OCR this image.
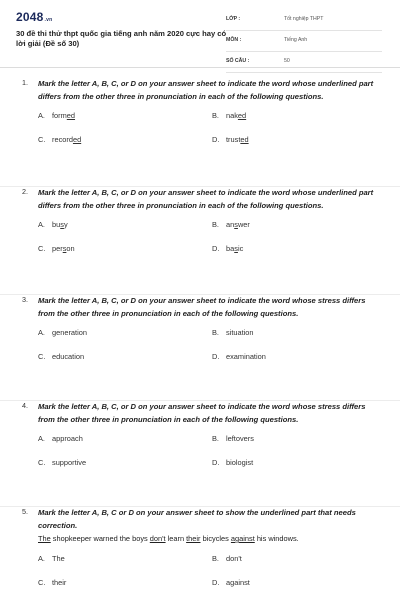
2048.vn
30 đề thi thử thpt quốc gia tiếng anh năm 2020 cực hay có lời giải (Đề số 30)
LỚP :	Tốt nghiệp THPT
MÔN :	Tiếng Anh
SỐ CÂU :	50
1. Mark the letter A, B, C, or D on your answer sheet to indicate the word whose underlined part differs from the other three in pronunciation in each of the following questions.
A. formed	B. naked
C. recorded	D. trusted
2. Mark the letter A, B, C, or D on your answer sheet to indicate the word whose underlined part differs from the other three in pronunciation in each of the following questions.
A. busy	B. answer
C. person	D. basic
3. Mark the letter A, B, C, or D on your answer sheet to indicate the word whose stress differs from the other three in pronunciation in each of the following questions.
A. generation	B. situation
C. education	D. examination
4. Mark the letter A, B, C, or D on your answer sheet to indicate the word whose stress differs from the other three in pronunciation in each of the following questions.
A. approach	B. leftovers
C. supportive	D. biologist
5. Mark the letter A, B, C or D on your answer sheet to show the underlined part that needs correction.
The shopkeeper warned the boys don't learn their bicycles against his windows.
A. The	B. don't
C. their	D. against
